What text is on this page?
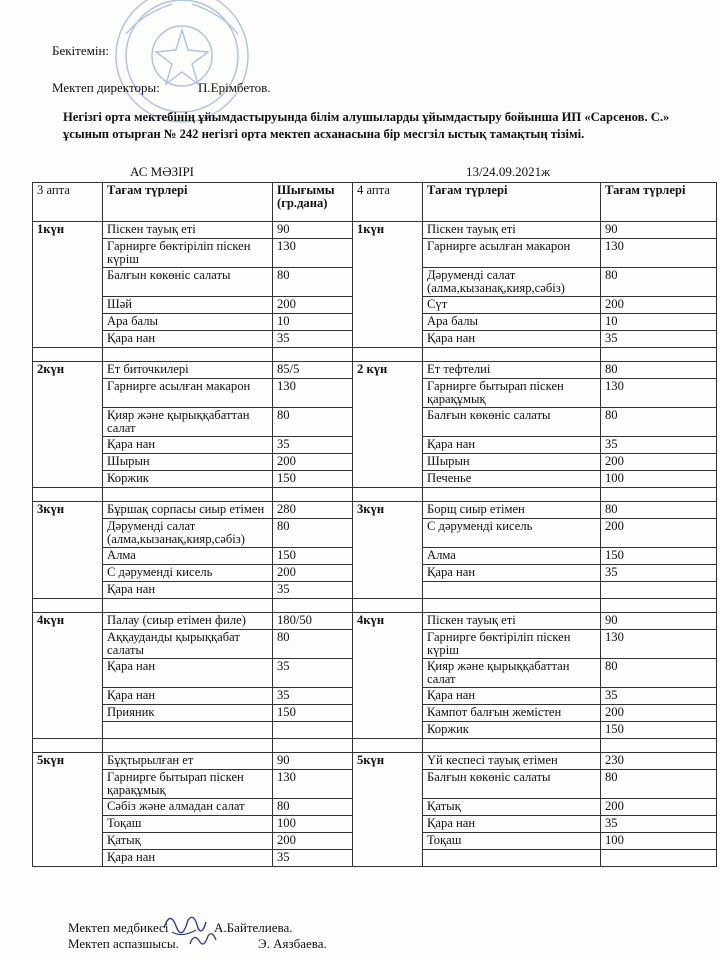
Бекітемін:
Мектеп директоры:	П.Ерімбетов.
Негізгі орта мектебінің ұйымдастыруында білім алушыларды ұйымдастыру бойынша ИП «Сарсенов. С.»
ұсынып отырған № 242 негізгі орта мектеп асханасына бір месгзіл ыстық тамақтың тізімі.
АС МӘЗІРІ	13/24.09.2021ж
3 апта	Тағам түрлері	Шығымы (гр.дана)	4 апта	Тағам түрлері	Тағам түрлері
1күн	Піскен тауық еті	90	1күн	Піскен тауық еті	90
	Гарнирге бөктіріліп піскен күріш	130		Гарнирге асылған макарон	130
	Балғын көкөніс салаты	80		Дәруменді салат (алма,кызанақ,кияр,сәбіз)	80
	Шәй	200		Сүт	200
	Ара балы	10		Ара балы	10
	Қара нан	35		Қара нан	35

2күн	Ет биточкилері	85/5	2 күн	Ет тефтелиі	80
	Гарнирге асылған макарон	130		Гарнирге бытырап піскен қарақұмық	130
	Қияр және қырыққабаттан салат	80		Балғын көкөніс салаты	80
	Қара нан	35		Қара нан	35
	Шырын	200		Шырын	200
	Коржик	150		Печенье	100

3күн	Бұршақ сорпасы сиыр етімен	280	3күн	Борщ сиыр етімен	80
	Дәруменді салат (алма,кызанақ,кияр,сәбіз)	80		С дәруменді кисель	200
	Алма	150		Алма	150
	С дәруменді кисель	200		Қара нан	35
	Қара нан	35			

4күн	Палау (сиыр етімен филе)	180/50	4күн	Піскен тауық еті	90
	Аққауданды қырыққабат салаты	80		Гарнирге бөктіріліп піскен күріш	130
	Қара нан	35		Қияр және қырыққабаттан салат	80
	Қара нан	35		Қара нан	35
	Прияник	150		Кампот балғын жемістен	200
				Коржик	150

5күн	Бұқтырылған ет	90	5күн	Үй кеспесі тауық етімен	230
	Гарнирге бытырап піскен қарақұмық	130		Балғын көкөніс салаты	80
	Сәбіз және алмадан салат	80		Қатық	200
	Тоқаш	100		Қара нан	35
	Қатық	200		Тоқаш	100
	Қара нан	35			
Мектеп медбикесі	А.Байтелиева.
Мектеп аспазшысы.	Э. Аязбаева.
